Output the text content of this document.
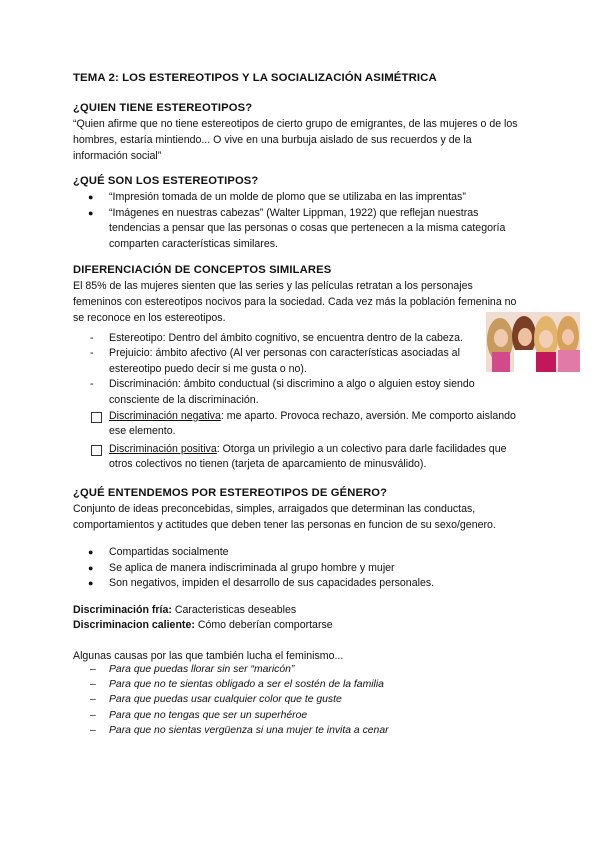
TEMA 2: LOS ESTEREOTIPOS Y LA SOCIALIZACIÓN ASIMÉTRICA
¿QUIEN TIENE ESTEREOTIPOS?
“Quien afirme que no tiene estereotipos de cierto grupo de emigrantes, de las mujeres o de los hombres, estaría mintiendo... O vive en una burbuja aislado de sus recuerdos y de la información social”
¿QUÉ SON LOS ESTEREOTIPOS?
● “Impresión tomada de un molde de plomo que se utilizaba en las imprentas”
● “Imágenes en nuestras cabezas” (Walter Lippman, 1922) que reflejan nuestras tendencias a pensar que las personas o cosas que pertenecen a la misma categoría comparten características similares.
DIFERENCIACIÓN DE CONCEPTOS SIMILARES
El 85% de las mujeres sienten que las series y las películas retratan a los personajes femeninos con estereotipos nocivos para la sociedad. Cada vez más la población femenina no se reconoce en los estereotipos.
- Estereotipo: Dentro del ámbito cognitivo, se encuentra dentro de la cabeza.
- Prejuicio: ámbito afectivo (Al ver personas con características asociadas al estereotipo puedo decir si me gusta o no).
- Discriminación: ámbito conductual (si discrimino a algo o alguien estoy siendo consciente de la discriminación.
Discriminación negativa: me aparto. Provoca rechazo, aversión. Me comporto aislando ese elemento.
Discriminación positiva: Otorga un privilegio a un colectivo para darle facilidades que otros colectivos no tienen (tarjeta de aparcamiento de minusválido).
¿QUÉ ENTENDEMOS POR ESTEREOTIPOS DE GÉNERO?
Conjunto de ideas preconcebidas, simples, arraigados que determinan las conductas, comportamientos y actitudes que deben tener las personas en funcion de su sexo/genero.
● Compartidas socialmente
● Se aplica de manera indiscriminada al grupo hombre y mujer
● Son negativos, impiden el desarrollo de sus capacidades personales.
Discriminación fría: Caracteristicas deseables
Discriminacion caliente: Cómo deberían comportarse
Algunas causas por las que también lucha el feminismo...
– Para que puedas llorar sin ser “maricón”
– Para que no te sientas obligado a ser el sostén de la familia
– Para que puedas usar cualquier color que te guste
– Para que no tengas que ser un superhéroe
– Para que no sientas vergüenza si una mujer te invita a cenar
